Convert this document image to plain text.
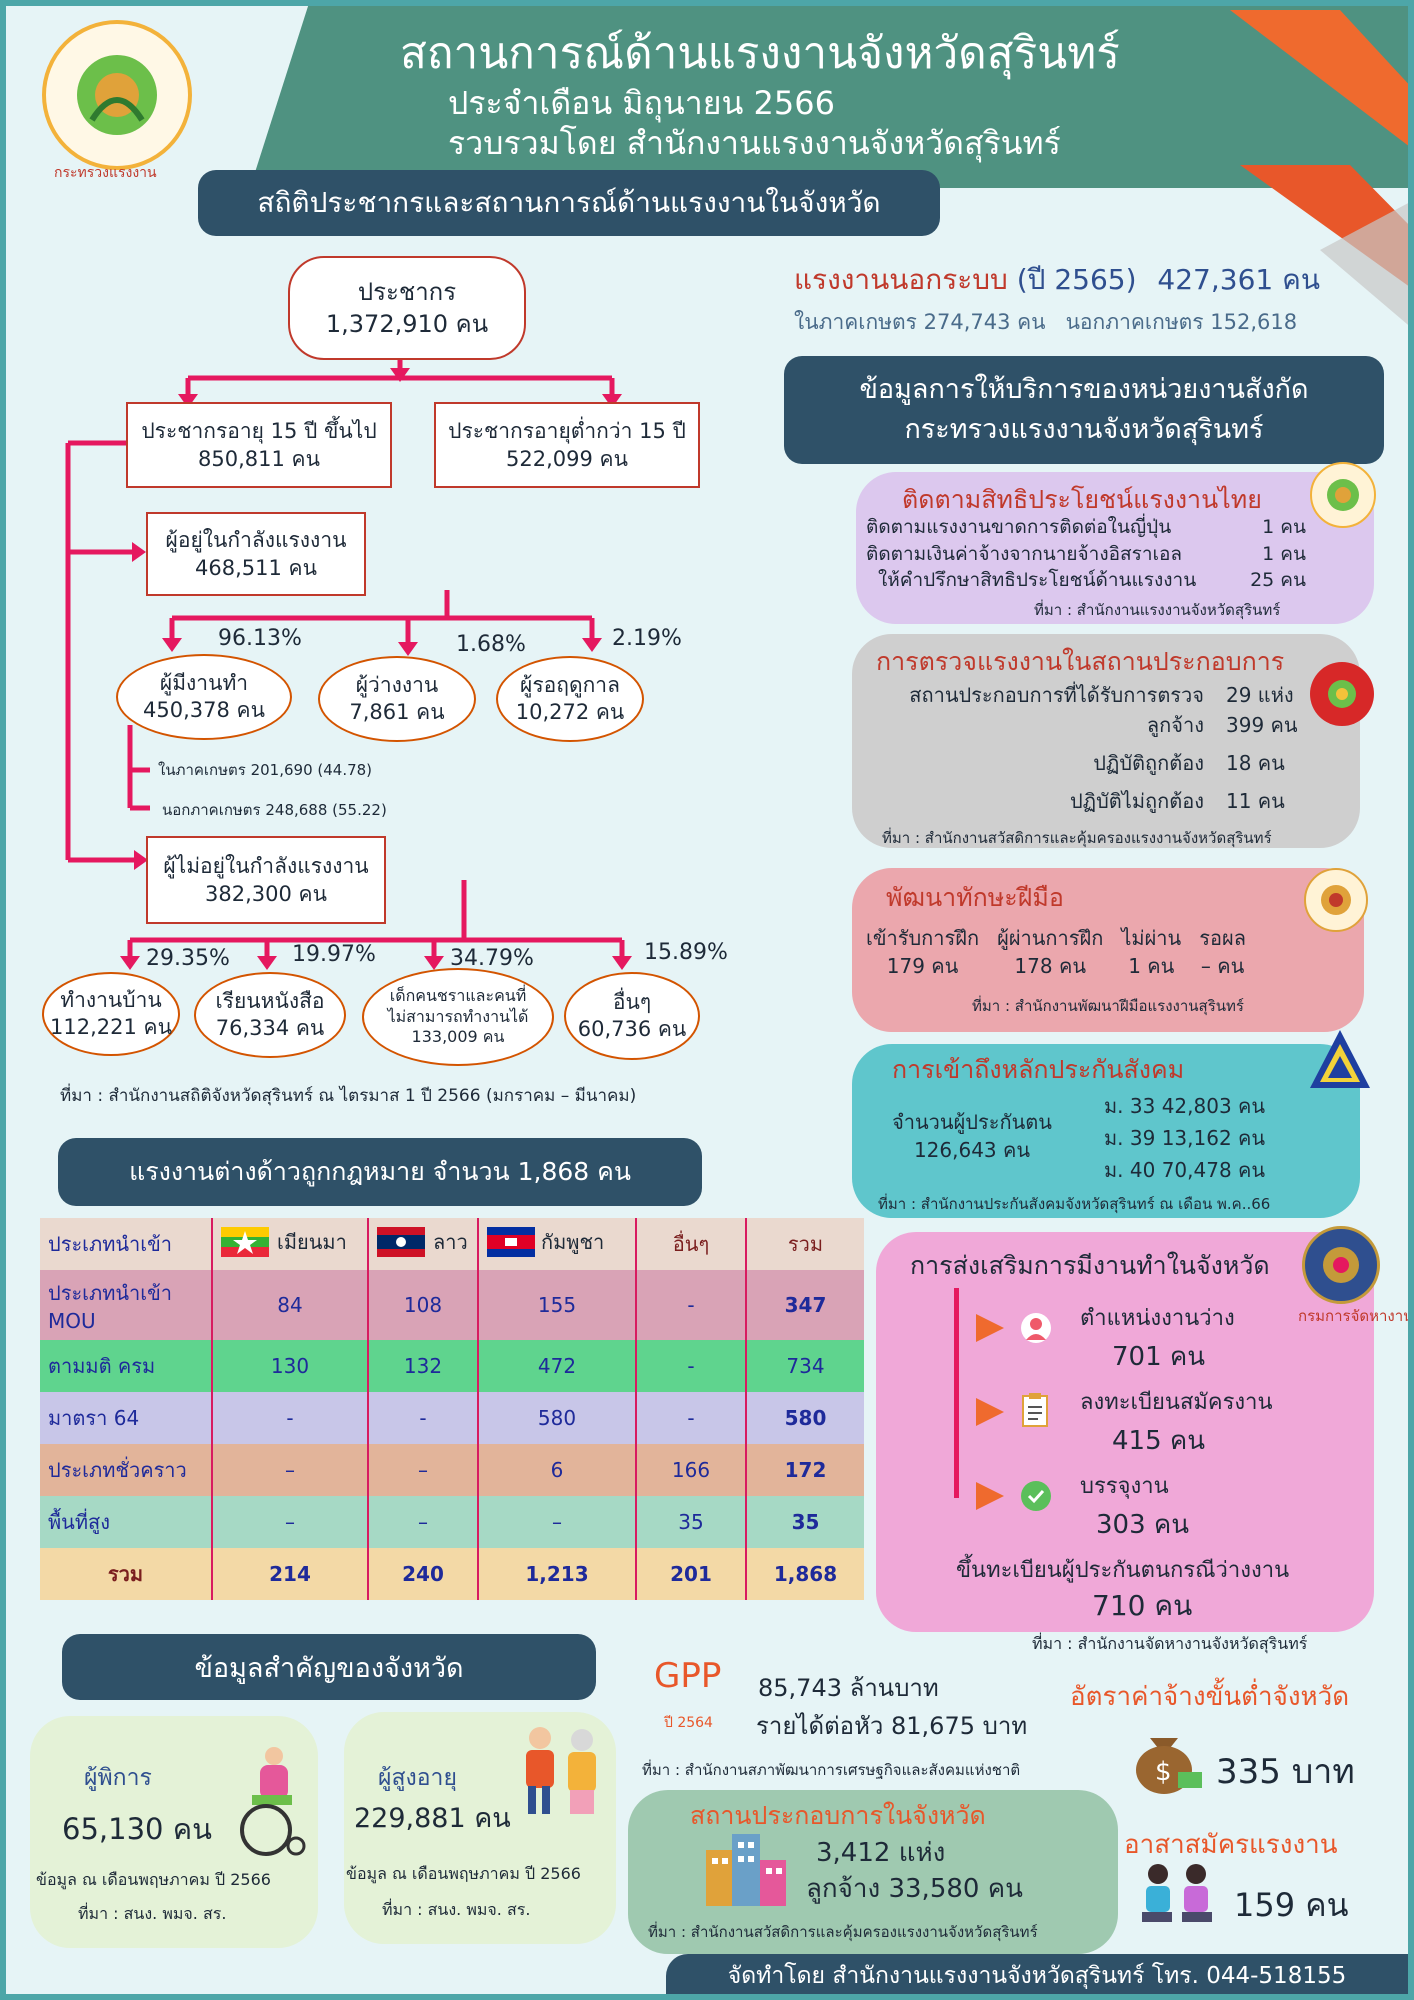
กระทรวงแรงงาน
สถานการณ์ด้านแรงงานจังหวัดสุรินทร์
ประจำเดือน มิถุนายน 2566
รวบรวมโดย สำนักงานแรงงานจังหวัดสุรินทร์
สถิติประชากรและสถานการณ์ด้านแรงงานในจังหวัด
ประชากร
1,372,910 คน
ประชากรอายุ 15 ปี ขึ้นไป
850,811 คน
ประชากรอายุต่ำกว่า 15 ปี
522,099 คน
ผู้อยู่ในกำลังแรงงาน
468,511 คน
96.13%	1.68%	2.19%
ผู้มีงานทำ
450,378 คน
ผู้ว่างงาน
7,861 คน
ผู้รอฤดูกาล
10,272 คน
ในภาคเกษตร 201,690 (44.78)
นอกภาคเกษตร 248,688 (55.22)
ผู้ไม่อยู่ในกำลังแรงงาน
382,300 คน
29.35%	19.97%	34.79%	15.89%
ทำงานบ้าน
112,221 คน
เรียนหนังสือ
76,334 คน
เด็กคนชราและคนที่
ไม่สามารถทำงานได้
133,009 คน
อื่นๆ
60,736 คน
ที่มา : สำนักงานสถิติจังหวัดสุรินทร์ ณ ไตรมาส 1 ปี 2566 (มกราคม – มีนาคม)
แรงงานนอกระบบ (ปี 2565) 427,361 คน
ในภาคเกษตร 274,743 คน   นอกภาคเกษตร 152,618
ข้อมูลการให้บริการของหน่วยงานสังกัด
กระทรวงแรงงานจังหวัดสุรินทร์
ติดตามสิทธิประโยชน์แรงงานไทย
ติดตามแรงงานขาดการติดต่อในญี่ปุ่น	1 คน
ติดตามเงินค่าจ้างจากนายจ้างอิสราเอล	1 คน
ให้คำปรึกษาสิทธิประโยชน์ด้านแรงงาน	25 คน
ที่มา : สำนักงานแรงงานจังหวัดสุรินทร์
การตรวจแรงงานในสถานประกอบการ
สถานประกอบการที่ได้รับการตรวจ 29 แห่ง
ลูกจ้าง 399 คน
ปฏิบัติถูกต้อง 18 คน
ปฏิบัติไม่ถูกต้อง 11 คน
ที่มา : สำนักงานสวัสดิการและคุ้มครองแรงงานจังหวัดสุรินทร์
พัฒนาทักษะฝีมือ
เข้ารับการฝึก
179 คน
ผู้ผ่านการฝึก
178 คน
ไม่ผ่าน
1 คน
รอผล
– คน
ที่มา : สำนักงานพัฒนาฝีมือแรงงานสุรินทร์
การเข้าถึงหลักประกันสังคม
จำนวนผู้ประกันตน
126,643 คน
ม. 33 42,803 คน
ม. 39 13,162 คน
ม. 40 70,478 คน
ที่มา : สำนักงานประกันสังคมจังหวัดสุรินทร์ ณ เดือน พ.ค..66
การส่งเสริมการมีงานทำในจังหวัด
ตำแหน่งงานว่าง
701 คน
ลงทะเบียนสมัครงาน
415 คน
บรรจุงาน
303 คน
ขึ้นทะเบียนผู้ประกันตนกรณีว่างงาน
710 คน
ที่มา : สำนักงานจัดหางานจังหวัดสุรินทร์
กรมการจัดหางาน
แรงงานต่างด้าวถูกกฎหมาย จำนวน 1,868 คน
ประเภทนำเข้า	เมียนมา	ลาว	กัมพูชา	อื่นๆ	รวม
ประเภทนำเข้า MOU	84	108	155	-	347
ตามมติ ครม	130	132	472	-	734
มาตรา 64	-	-	580	-	580
ประเภทชั่วคราว	–	–	6	166	172
พื้นที่สูง	–	–	–	35	35
รวม	214	240	1,213	201	1,868
ข้อมูลสำคัญของจังหวัด
ผู้พิการ
65,130 คน
ข้อมูล ณ เดือนพฤษภาคม ปี 2566
ที่มา : สนง. พมจ. สร.
ผู้สูงอายุ
229,881 คน
ข้อมูล ณ เดือนพฤษภาคม ปี 2566
ที่มา : สนง. พมจ. สร.
GPP
ปี 2564
85,743 ล้านบาท
รายได้ต่อหัว 81,675 บาท
ที่มา : สำนักงานสภาพัฒนาการเศรษฐกิจและสังคมแห่งชาติ
สถานประกอบการในจังหวัด
3,412 แห่ง
ลูกจ้าง 33,580 คน
ที่มา : สำนักงานสวัสดิการและคุ้มครองแรงงานจังหวัดสุรินทร์
อัตราค่าจ้างขั้นต่ำจังหวัด
$ 335 บาท
อาสาสมัครแรงงาน
159 คน
จัดทำโดย สำนักงานแรงงานจังหวัดสุรินทร์ โทร. 044-518155
